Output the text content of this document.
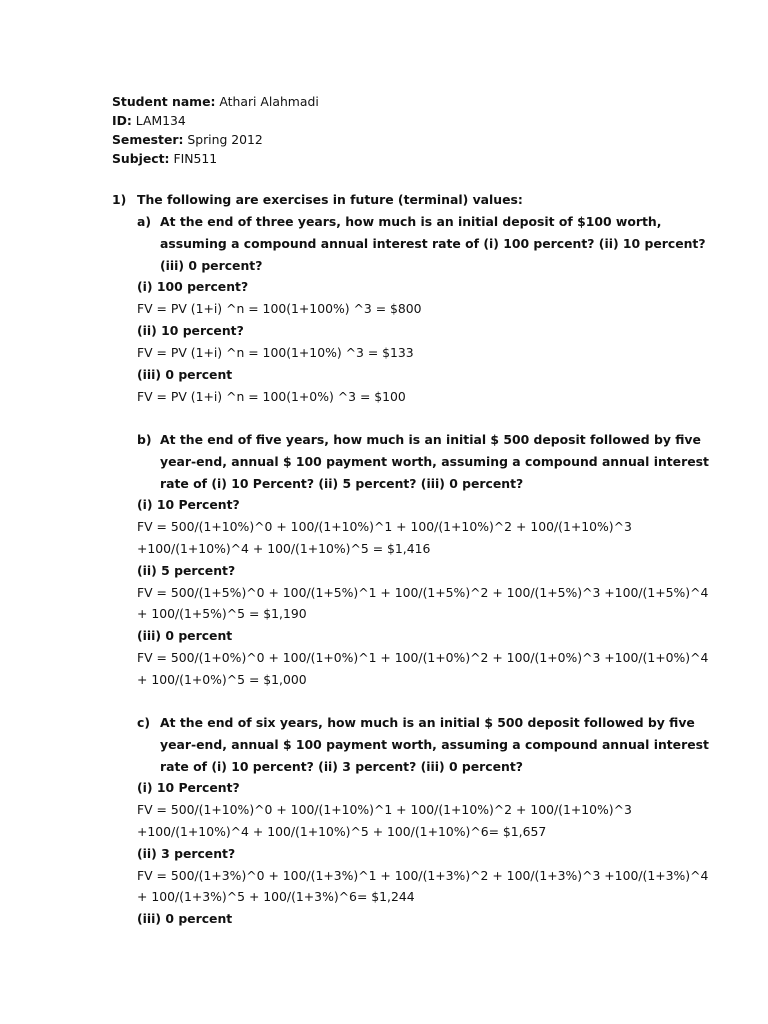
Student name: Athari Alahmadi
ID: LAM134
Semester: Spring 2012
Subject: FIN511
1) The following are exercises in future (terminal) values:
a) At the end of three years, how much is an initial deposit of $100 worth,
assuming a compound annual interest rate of (i) 100 percent? (ii) 10 percent?
(iii) 0 percent?
(i) 100 percent?
FV = PV (1+i) ^n = 100(1+100%) ^3 = $800
(ii) 10 percent?
FV = PV (1+i) ^n = 100(1+10%) ^3 = $133
(iii) 0 percent
FV = PV (1+i) ^n = 100(1+0%) ^3 = $100
b) At the end of five years, how much is an initial $ 500 deposit followed by five
year-end, annual $ 100 payment worth, assuming a compound annual interest
rate of (i) 10 Percent? (ii) 5 percent? (iii) 0 percent?
(i) 10 Percent?
FV = 500/(1+10%)^0 + 100/(1+10%)^1 + 100/(1+10%)^2 + 100/(1+10%)^3
+100/(1+10%)^4 + 100/(1+10%)^5 = $1,416
(ii) 5 percent?
FV = 500/(1+5%)^0 + 100/(1+5%)^1 + 100/(1+5%)^2 + 100/(1+5%)^3 +100/(1+5%)^4
+ 100/(1+5%)^5 = $1,190
(iii) 0 percent
FV = 500/(1+0%)^0 + 100/(1+0%)^1 + 100/(1+0%)^2 + 100/(1+0%)^3 +100/(1+0%)^4
+ 100/(1+0%)^5 = $1,000
c) At the end of six years, how much is an initial $ 500 deposit followed by five
year-end, annual $ 100 payment worth, assuming a compound annual interest
rate of (i) 10 percent? (ii) 3 percent? (iii) 0 percent?
(i) 10 Percent?
FV = 500/(1+10%)^0 + 100/(1+10%)^1 + 100/(1+10%)^2 + 100/(1+10%)^3
+100/(1+10%)^4 + 100/(1+10%)^5 + 100/(1+10%)^6= $1,657
(ii) 3 percent?
FV = 500/(1+3%)^0 + 100/(1+3%)^1 + 100/(1+3%)^2 + 100/(1+3%)^3 +100/(1+3%)^4
+ 100/(1+3%)^5 + 100/(1+3%)^6= $1,244
(iii) 0 percent
